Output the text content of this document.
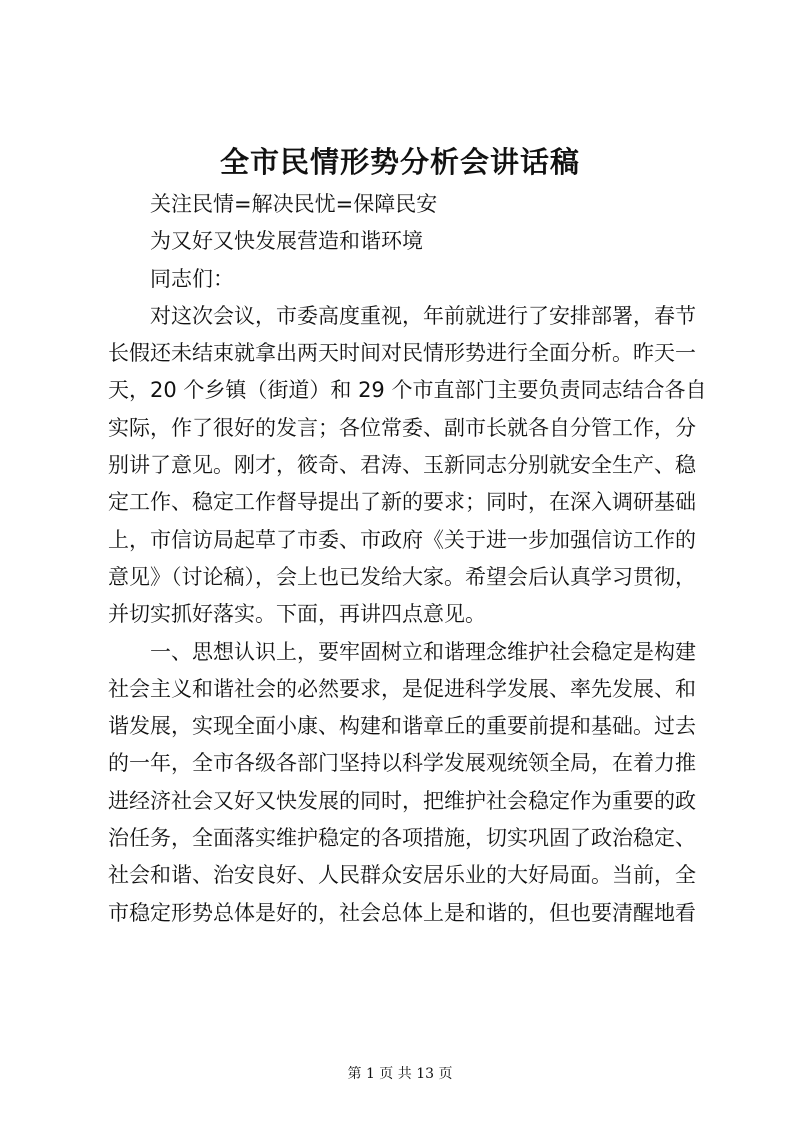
全市民情形势分析会讲话稿
关注民情=解决民忧=保障民安
为又好又快发展营造和谐环境
同志们：
对这次会议，市委高度重视，年前就进行了安排部署，春节
长假还未结束就拿出两天时间对民情形势进行全面分析。昨天一
天，20 个乡镇（街道）和 29 个市直部门主要负责同志结合各自
实际，作了很好的发言；各位常委、副市长就各自分管工作，分
别讲了意见。刚才，筱奇、君涛、玉新同志分别就安全生产、稳
定工作、稳定工作督导提出了新的要求；同时，在深入调研基础
上，市信访局起草了市委、市政府《关于进一步加强信访工作的
意见》（讨论稿），会上也已发给大家。希望会后认真学习贯彻，
并切实抓好落实。下面，再讲四点意见。
一、思想认识上，要牢固树立和谐理念维护社会稳定是构建
社会主义和谐社会的必然要求，是促进科学发展、率先发展、和
谐发展，实现全面小康、构建和谐章丘的重要前提和基础。过去
的一年，全市各级各部门坚持以科学发展观统领全局，在着力推
进经济社会又好又快发展的同时，把维护社会稳定作为重要的政
治任务，全面落实维护稳定的各项措施，切实巩固了政治稳定、
社会和谐、治安良好、人民群众安居乐业的大好局面。当前，全
市稳定形势总体是好的，社会总体上是和谐的，但也要清醒地看
第 1 页 共 13 页
